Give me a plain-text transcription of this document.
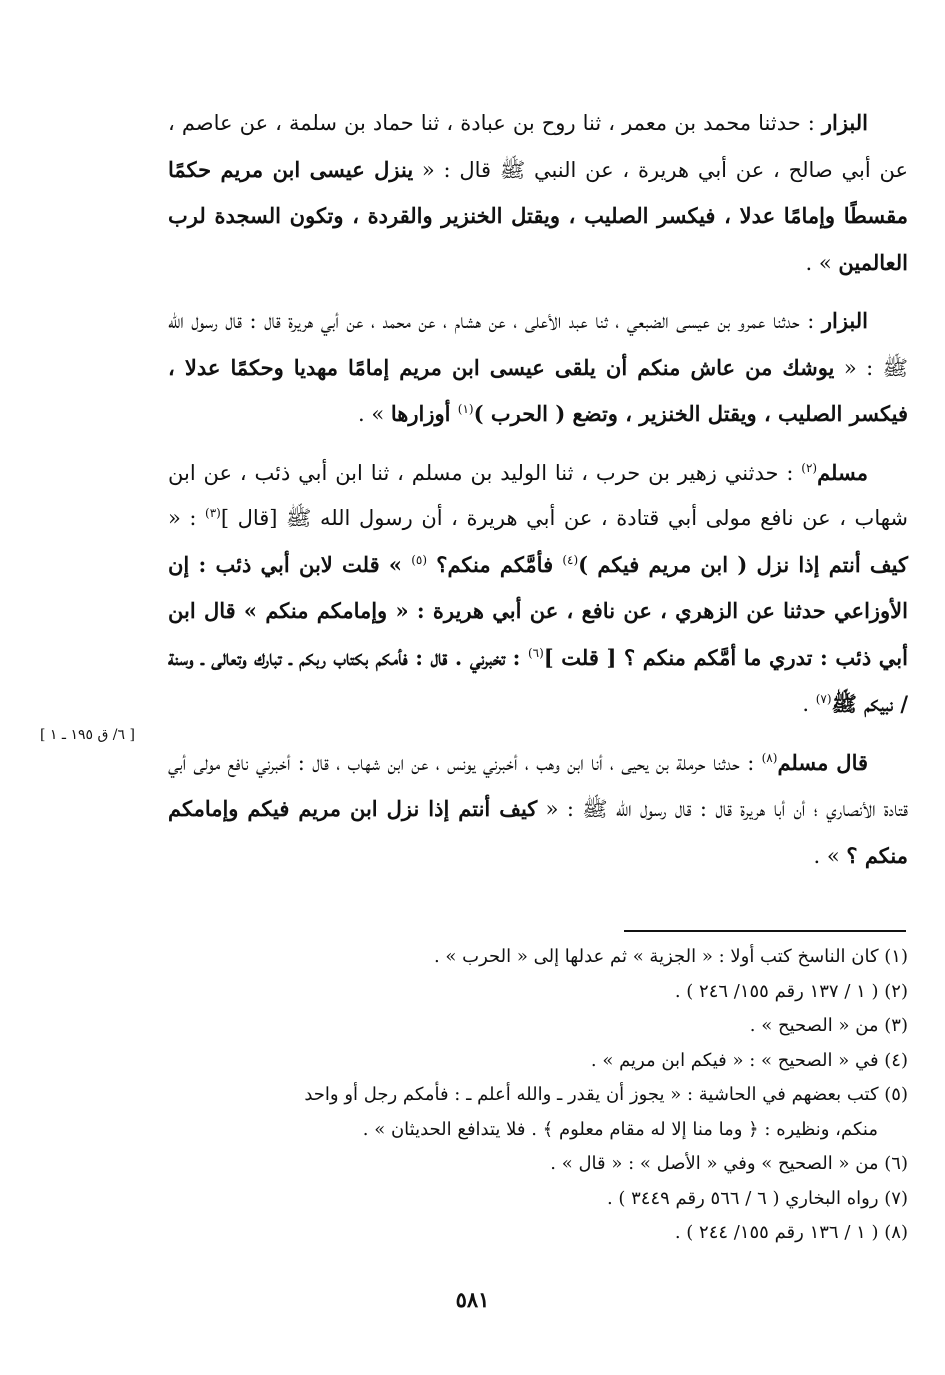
البزار : حدثنا محمد بن معمر ، ثنا روح بن عبادة ، ثنا حماد بن سلمة ، عن عاصم ، عن أبي صالح ، عن أبي هريرة ، عن النبي ﷺ قال : « ينزل عيسى ابن مريم حكمًا مقسطًا وإمامًا عدلا ، فيكسر الصليب ، ويقتل الخنزير والقردة ، وتكون السجدة لرب العالمين » .

البزار : حدثنا عمرو بن عيسى الضبعي ، ثنا عبد الأعلى ، عن هشام ، عن محمد ، عن أبي هريرة قال : قال رسول الله ﷺ : « يوشك من عاش منكم أن يلقى عيسى ابن مريم إمامًا مهديا وحكمًا عدلا ، فيكسر الصليب ، ويقتل الخنزير ، وتضع ( الحرب )$^{(١)}$ أوزارها » .

مسلم$^{(٢)}$ : حدثني زهير بن حرب ، ثنا الوليد بن مسلم ، ثنا ابن أبي ذئب ، عن ابن شهاب ، عن نافع مولى أبي قتادة ، عن أبي هريرة ، أن رسول الله ﷺ [قال ]$^{(٣)}$ : « كيف أنتم إذا نزل ( ابن مريم فيكم )$^{(٤)}$ فأمَّكم منكم؟ $^{(٥)}$ » قلت لابن أبي ذئب : إن الأوزاعي حدثنا عن الزهري ، عن نافع ، عن أبي هريرة : « وإمامكم منكم » قال ابن أبي ذئب : تدري ما أمَّكم منكم ؟ [ قلت ]$^{(٦)}$ : تخبرني . قال : فأمكم بكتاب ربكم ـ تبارك وتعالى ـ وسنة / نبيكم ﷺ$^{(٧)}$ .

قال مسلم$^{(٨)}$ : حدثنا حرملة بن يحيى ، أنا ابن وهب ، أخبرني يونس ، عن ابن شهاب ، قال : أخبرني نافع مولى أبي قتادة الأنصاري ؛ أن أبا هريرة قال : قال رسول الله ﷺ : « كيف أنتم إذا نزل ابن مريم فيكم وإمامكم منكم ؟ » .

[ ٦/ ق ١٩٥ ـ ١ ]

(١) كان الناسخ كتب أولا : « الجزية » ثم عدلها إلى « الحرب » .

(٢) ( ١ / ١٣٧ رقم ١٥٥/ ٢٤٦ ) .

(٣) من « الصحيح » .

(٤) في « الصحيح » : « فيكم ابن مريم » .

(٥) كتب بعضهم في الحاشية : « يجوز أن يقدر ـ والله أعلم ـ : فأمكم رجل أو واحد

منكم، ونظيره : ﴿ وما منا إلا له مقام معلوم ﴾ . فلا يتدافع الحديثان » .

(٦) من « الصحيح » وفي « الأصل » : « قال » .

(٧) رواه البخاري ( ٦ / ٥٦٦ رقم ٣٤٤٩ ) .

(٨) ( ١ / ١٣٦ رقم ١٥٥/ ٢٤٤ ) .

٥٨١
